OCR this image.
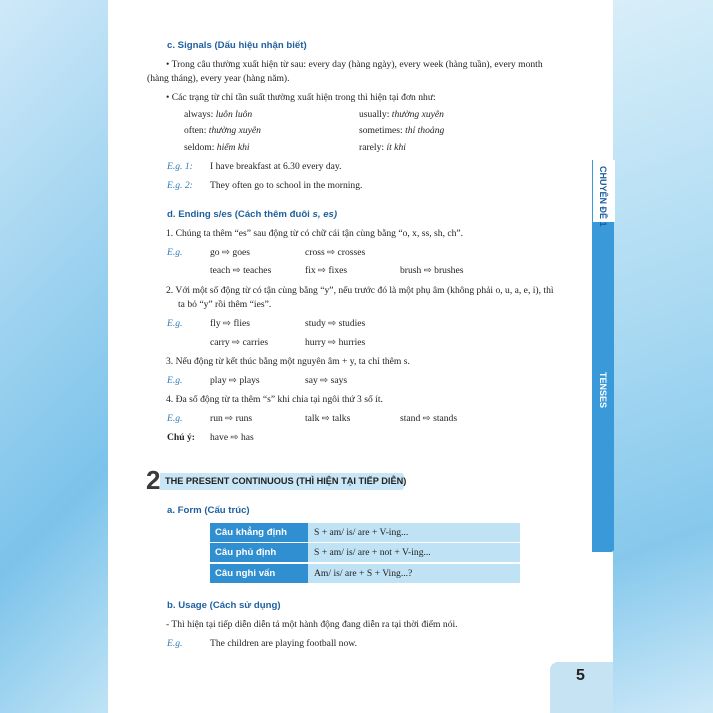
c. Signals (Dấu hiệu nhận biết)
• Trong câu thường xuất hiện từ sau: every day (hàng ngày), every week (hàng tuần), every month
(hàng tháng), every year (hàng năm).
• Các trạng từ chỉ tần suất thường xuất hiện trong thì hiện tại đơn như:
always: luôn luôn	usually: thường xuyên
often: thường xuyên	sometimes: thỉ thoảng
seldom: hiếm khi	rarely: ít khi
E.g. 1: I have breakfast at 6.30 every day.
E.g. 2: They often go to school in the morning.
d. Ending s/es (Cách thêm đuôi s, es)
1. Chúng ta thêm “es” sau động từ có chữ cái tận cùng bằng “o, x, ss, sh, ch”.
E.g.	go ⇨ goes	cross ⇨ crosses
teach ⇨ teaches	fix ⇨ fixes	brush ⇨ brushes
2. Với một số động từ có tận cùng bằng “y”, nếu trước đó là một phụ âm (không phải o, u, a, e, i), thì
ta bỏ “y” rồi thêm “ies”.
E.g.	fly ⇨ flies	study ⇨ studies
carry ⇨ carries	hurry ⇨ hurries
3. Nếu động từ kết thúc bằng một nguyên âm + y, ta chỉ thêm s.
E.g.	play ⇨ plays	say ⇨ says
4. Đa số động từ ta thêm “s” khi chia tại ngôi thứ 3 số ít.
E.g.	run ⇨ runs	talk ⇨ talks	stand ⇨ stands
Chú ý: have ⇨ has
2 THE PRESENT CONTINUOUS (THÌ HIỆN TẠI TIẾP DIỄN)
a. Form (Cấu trúc)
Câu khẳng định	S + am/ is/ are + V-ing...
Câu phủ định	S + am/ is/ are + not + V-ing...
Câu nghi vấn	Am/ is/ are + S + Ving...?
b. Usage (Cách sử dụng)
- Thì hiện tại tiếp diễn diễn tả một hành động đang diễn ra tại thời điểm nói.
E.g.	The children are playing football now.
CHUYÊN ĐỀ 1
TENSES
5
